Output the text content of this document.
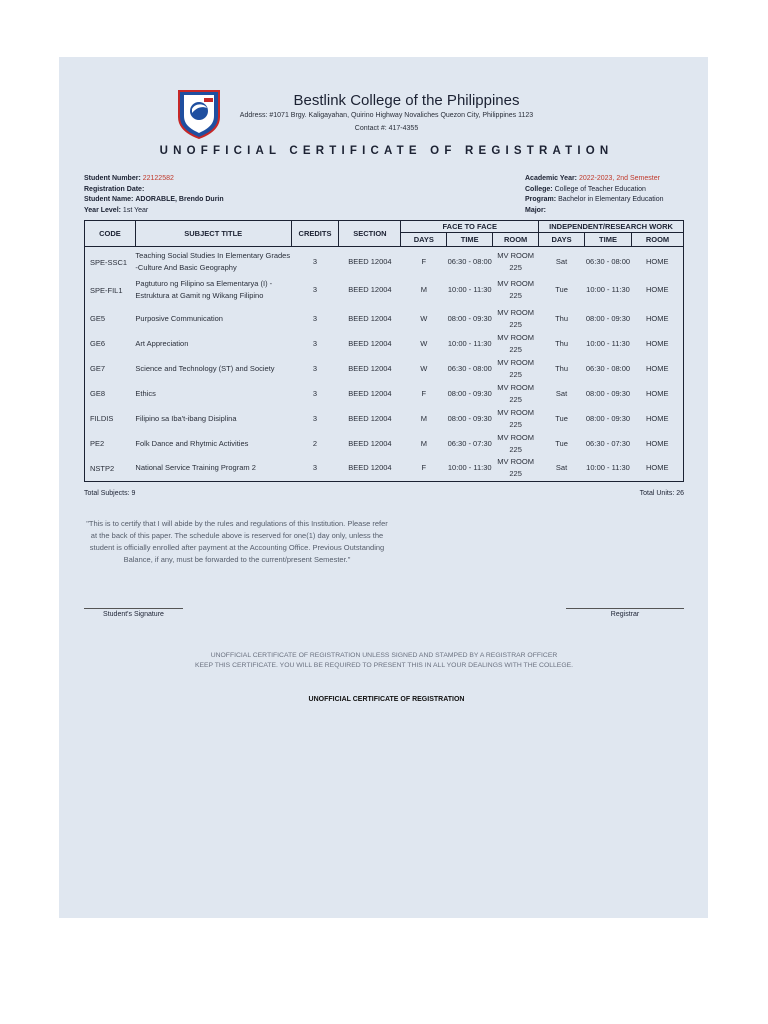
Bestlink College of the Philippines
Address: #1071 Brgy. Kaligayahan, Quirino Highway Novaliches Quezon City, Philippines 1123
Contact #: 417-4355
UNOFFICIAL CERTIFICATE OF REGISTRATION
Student Number: 22122582
Registration Date:
Student Name: ADORABLE, Brendo Durin
Year Level: 1st Year
Academic Year: 2022-2023, 2nd Semester
College: College of Teacher Education
Program: Bachelor in Elementary Education
Major:
CODE	SUBJECT TITLE	CREDITS	SECTION	FACE TO FACE			INDEPENDENT/RESEARCH WORK		
				DAYS	TIME	ROOM	DAYS	TIME	ROOM
SPE-SSC1	Teaching Social Studies In Elementary Grades -Culture And Basic Geography	3	BEED 12004	F	06:30 - 08:00	MV ROOM 225	Sat	06:30 - 08:00	HOME
SPE-FIL1	Pagtuturo ng Filipino sa Elementarya (I) -Estruktura at Gamit ng Wikang Filipino	3	BEED 12004	M	10:00 - 11:30	MV ROOM 225	Tue	10:00 - 11:30	HOME
GE5	Purposive Communication	3	BEED 12004	W	08:00 - 09:30	MV ROOM 225	Thu	08:00 - 09:30	HOME
GE6	Art Appreciation	3	BEED 12004	W	10:00 - 11:30	MV ROOM 225	Thu	10:00 - 11:30	HOME
GE7	Science and Technology (ST) and Society	3	BEED 12004	W	06:30 - 08:00	MV ROOM 225	Thu	06:30 - 08:00	HOME
GE8	Ethics	3	BEED 12004	F	08:00 - 09:30	MV ROOM 225	Sat	08:00 - 09:30	HOME
FILDIS	Filipino sa Iba't-ibang Disiplina	3	BEED 12004	M	08:00 - 09:30	MV ROOM 225	Tue	08:00 - 09:30	HOME
PE2	Folk Dance and Rhytmic Activities	2	BEED 12004	M	06:30 - 07:30	MV ROOM 225	Tue	06:30 - 07:30	HOME
NSTP2	National Service Training Program 2	3	BEED 12004	F	10:00 - 11:30	MV ROOM 225	Sat	10:00 - 11:30	HOME
Total Subjects: 9	Total Units: 26
"This is to certify that I will abide by the rules and regulations of this Institution. Please refer at the back of this paper. The schedule above is reserved for one(1) day only, unless the student is officially enrolled after payment at the Accounting Office. Previous Outstanding Balance, if any, must be forwarded to the current/present Semester."
Student's Signature	Registrar
UNOFFICIAL CERTIFICATE OF REGISTRATION UNLESS SIGNED AND STAMPED BY A REGISTRAR OFFICER
KEEP THIS CERTIFICATE. YOU WILL BE REQUIRED TO PRESENT THIS IN ALL YOUR DEALINGS WITH THE COLLEGE.
UNOFFICIAL CERTIFICATE OF REGISTRATION
